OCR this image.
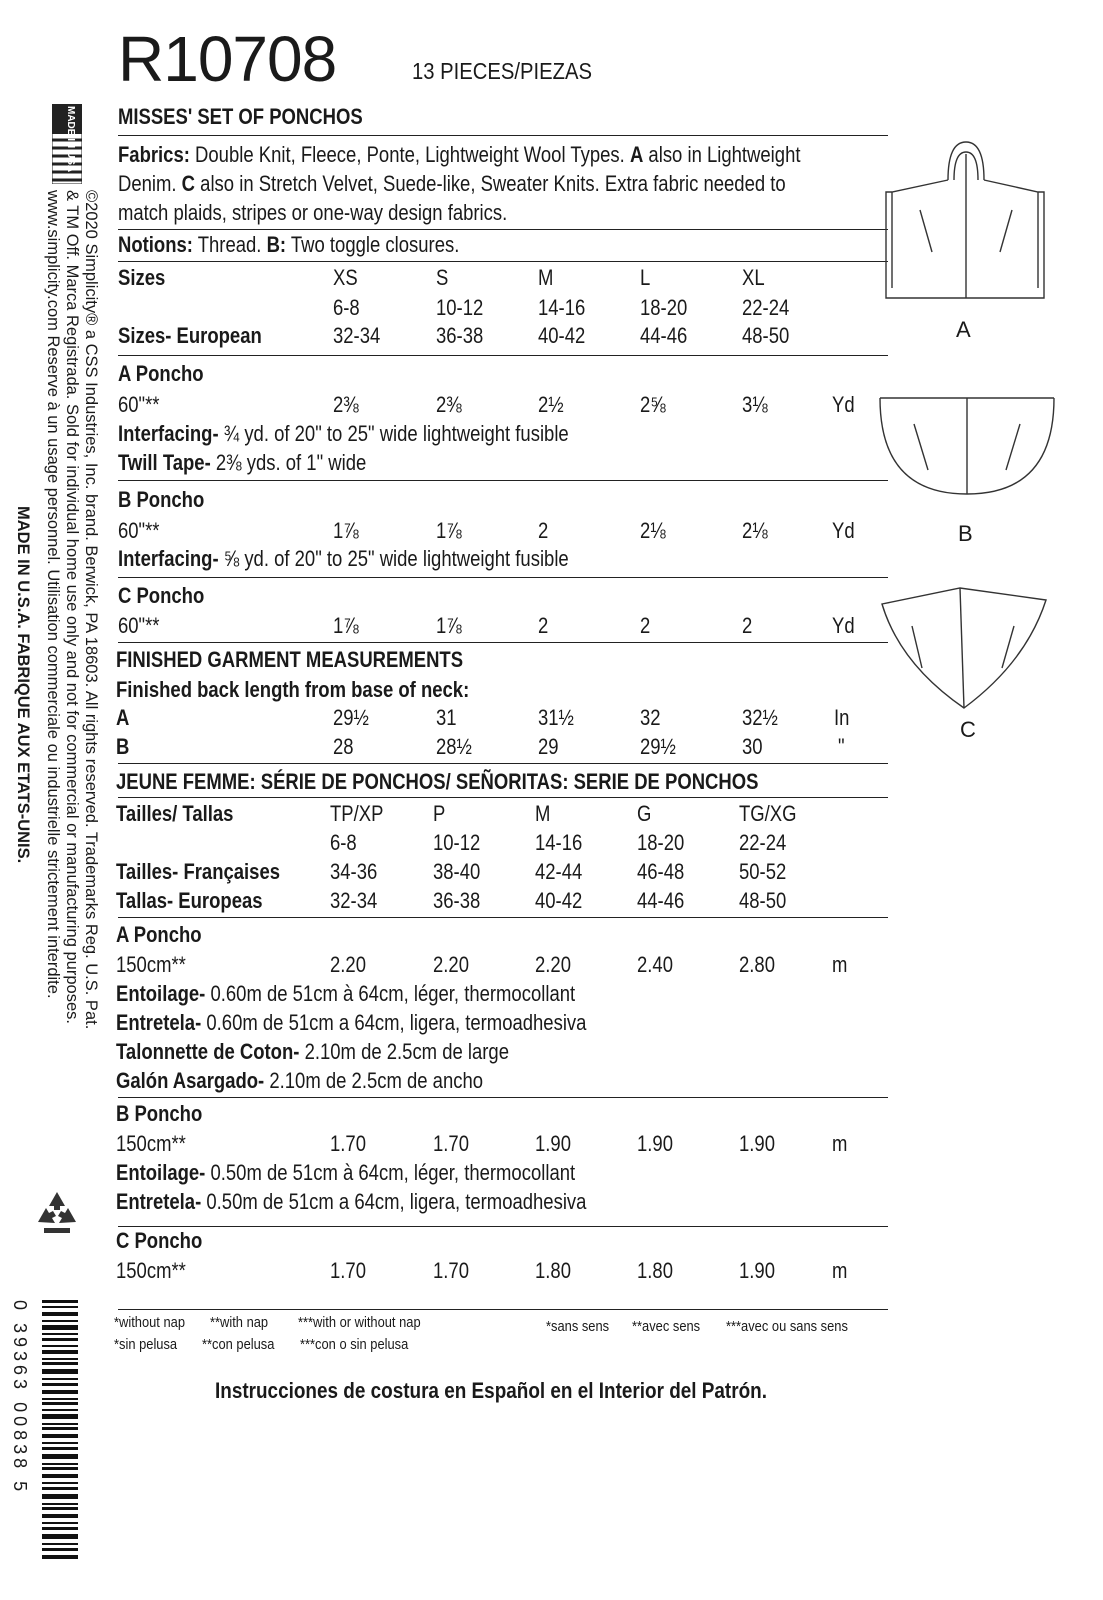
R10708	13 PIECES/PIEZAS
MADE IN USA
©2020 Simplicity® a CSS Industries, Inc. brand. Berwick, PA 18603. All rights reserved. Trademarks Reg. U.S. Pat.
& TM Off. Marca Registrada. Sold for individual home use only and not for commercial or manufacturing purposes.
www.simplicity.com Reserve à un usage personnel. Utilisation commerciale ou industrielle strictement interdite.
MADE IN U.S.A. FABRIQUE AUX ETATS-UNIS.
0 39363 00838 5
MISSES' SET OF PONCHOS
Fabrics: Double Knit, Fleece, Ponte, Lightweight Wool Types. A also in Lightweight
Denim. C also in Stretch Velvet, Suede-like, Sweater Knits. Extra fabric needed to
match plaids, stripes or one-way design fabrics.
Notions: Thread. B: Two toggle closures.
Sizes	XS	S	M	L	XL
6-8	10-12 14-16 18-20 22-24
Sizes- European	32-34	36-38 40-42 44-46 48-50
A Poncho
60"**	2⅜	2⅜	2½	2⅝	3⅛	Yd
Interfacing- ¾ yd. of 20" to 25" wide lightweight fusible
Twill Tape- 2⅜ yds. of 1" wide
B Poncho
60"**	1⅞	1⅞	2	2⅛	2⅛	Yd
Interfacing- ⅝ yd. of 20" to 25" wide lightweight fusible
C Poncho
60"**	1⅞	1⅞	2	2	2	Yd
FINISHED GARMENT MEASUREMENTS
Finished back length from base of neck:
A	29½	31	31½	32	32½	In
B	28	28½	29	29½	30	"
JEUNE FEMME: SÉRIE DE PONCHOS/ SEÑORITAS: SERIE DE PONCHOS
Tailles/ Tallas	TP/XP P	M	G	TG/XG
6-8	10-12 14-16 18-20 22-24
Tailles- Françaises 34-36	38-40 42-44 46-48 50-52
Tallas- Europeas	32-34	36-38 40-42 44-46 48-50
A Poncho
150cm**	2.20	2.20	2.20	2.40	2.80	m
Entoilage- 0.60m de 51cm à 64cm, léger, thermocollant
Entretela- 0.60m de 51cm a 64cm, ligera, termoadhesiva
Talonnette de Coton- 2.10m de 2.5cm de large
Galón Asargado- 2.10m de 2.5cm de ancho
B Poncho
150cm**	1.70	1.70	1.90	1.90	1.90	m
Entoilage- 0.50m de 51cm à 64cm, léger, thermocollant
Entretela- 0.50m de 51cm a 64cm, ligera, termoadhesiva
C Poncho
150cm**	1.70	1.70	1.80	1.80	1.90	m
*without nap **with nap ***with or without nap
*sin pelusa **con pelusa ***con o sin pelusa
*sans sens **avec sens ***avec ou sans sens
Instrucciones de costura en Español en el Interior del Patrón.
A
B
C
